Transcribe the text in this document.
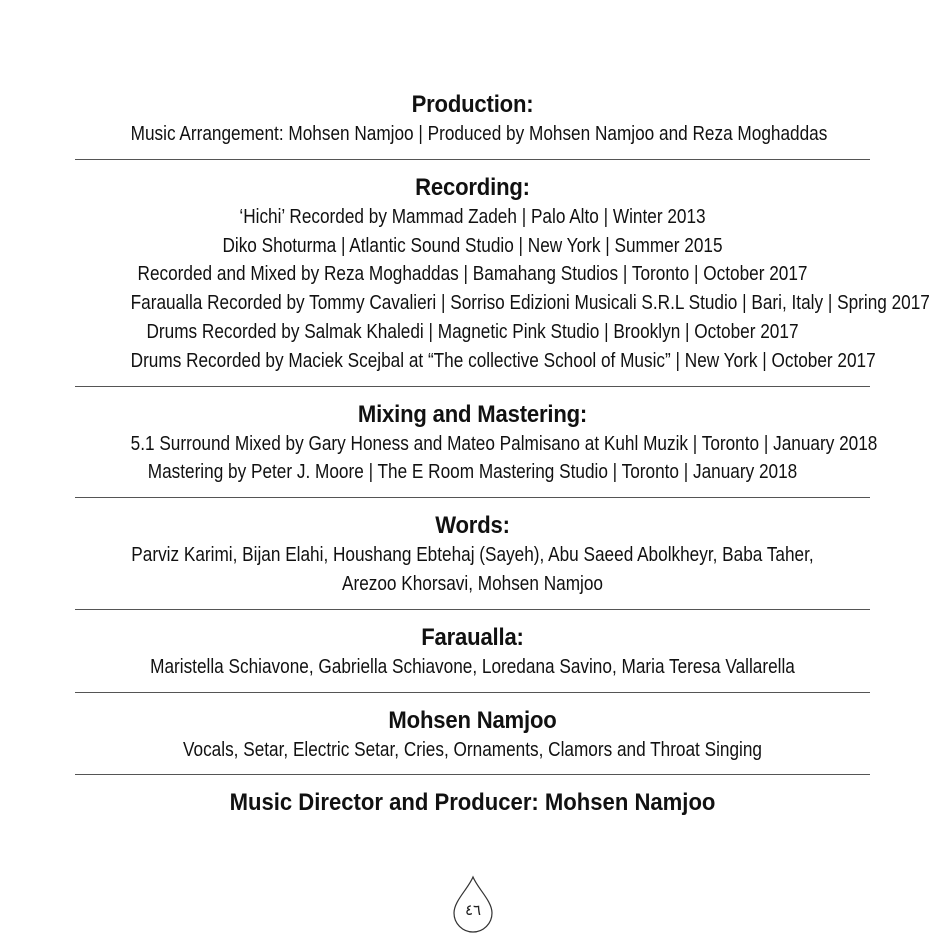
Production:
Music Arrangement: Mohsen Namjoo | Produced by Mohsen Namjoo and Reza Moghaddas
Recording:
‘Hichi’ Recorded by Mammad Zadeh | Palo Alto | Winter 2013
Diko Shoturma | Atlantic Sound Studio | New York | Summer 2015
Recorded and Mixed by Reza Moghaddas | Bamahang Studios | Toronto | October 2017
Faraualla Recorded by Tommy Cavalieri | Sorriso Edizioni Musicali S.R.L Studio | Bari, Italy | Spring 2017
Drums Recorded by Salmak Khaledi | Magnetic Pink Studio | Brooklyn | October 2017
Drums Recorded by Maciek Scejbal at “The collective School of Music” | New York | October 2017
Mixing and Mastering:
5.1 Surround Mixed by Gary Honess and Mateo Palmisano at Kuhl Muzik | Toronto | January 2018
Mastering by Peter J. Moore | The E Room Mastering Studio | Toronto | January 2018
Words:
Parviz Karimi, Bijan Elahi, Houshang Ebtehaj (Sayeh), Abu Saeed Abolkheyr, Baba Taher,
Arezoo Khorsavi, Mohsen Namjoo
Faraualla:
Maristella Schiavone, Gabriella Schiavone, Loredana Savino, Maria Teresa Vallarella
Mohsen Namjoo
Vocals, Setar, Electric Setar, Cries, Ornaments, Clamors and Throat Singing
Music Director and Producer: Mohsen Namjoo
٤٦
